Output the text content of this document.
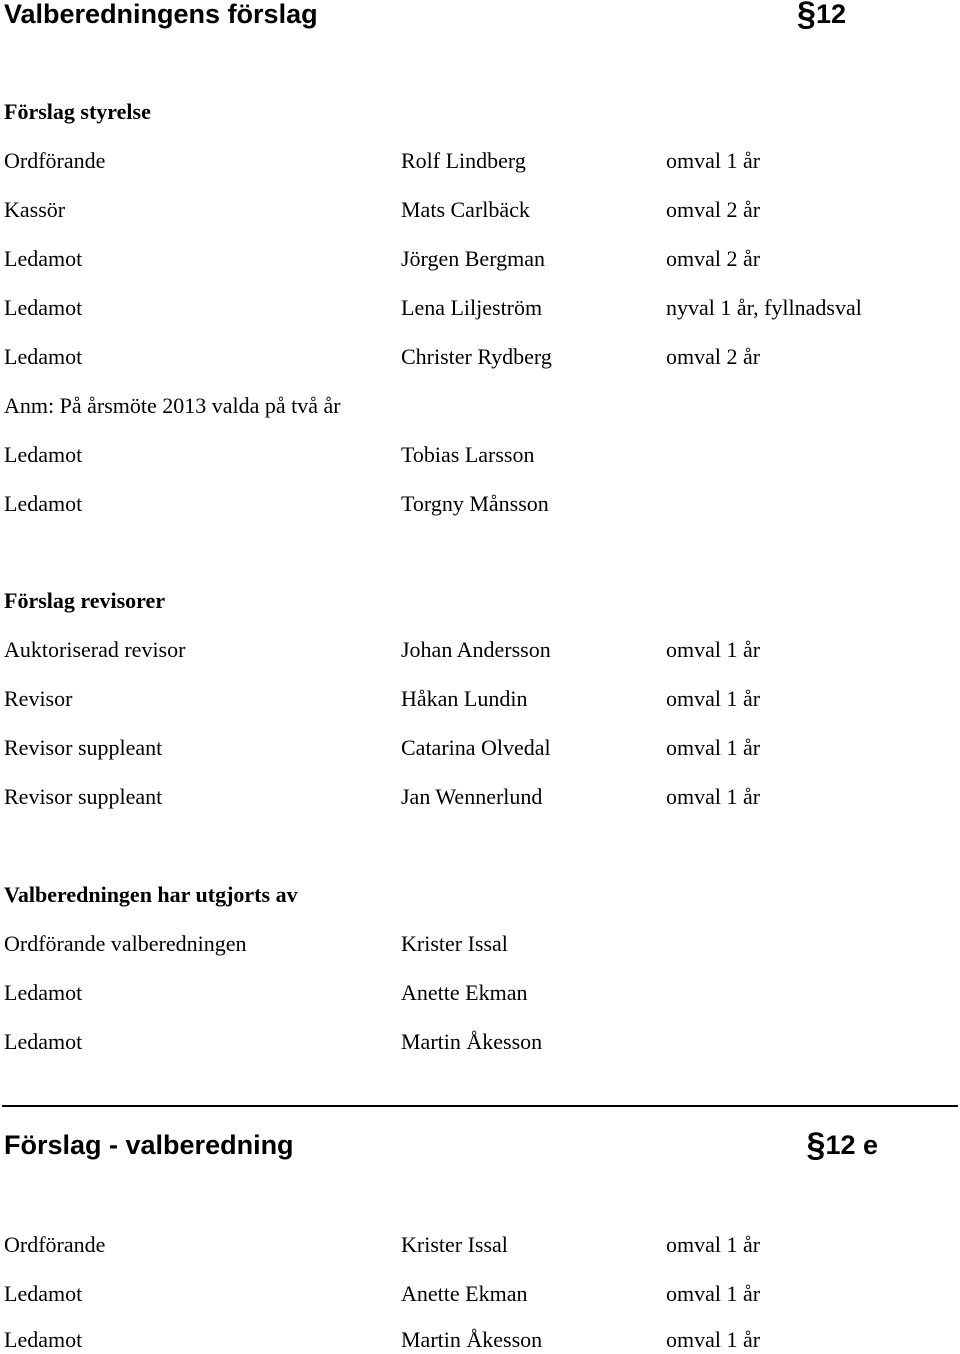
Valberedningens förslag	§12
Förslag styrelse
Ordförande	Rolf Lindberg	omval 1 år
Kassör	Mats Carlbäck	omval 2 år
Ledamot	Jörgen Bergman	omval 2 år
Ledamot	Lena Liljeström	nyval 1 år, fyllnadsval
Ledamot	Christer Rydberg	omval 2 år
Anm: På årsmöte 2013 valda på två år
Ledamot	Tobias Larsson
Ledamot	Torgny Månsson
Förslag revisorer
Auktoriserad revisor	Johan Andersson	omval 1 år
Revisor	Håkan Lundin	omval 1 år
Revisor suppleant	Catarina Olvedal	omval 1 år
Revisor suppleant	Jan Wennerlund	omval 1 år
Valberedningen har utgjorts av
Ordförande valberedningen	Krister Issal
Ledamot	Anette Ekman
Ledamot	Martin Åkesson
Förslag - valberedning	§12 e
Ordförande	Krister Issal	omval 1 år
Ledamot	Anette Ekman	omval 1 år
Ledamot	Martin Åkesson	omval 1 år
